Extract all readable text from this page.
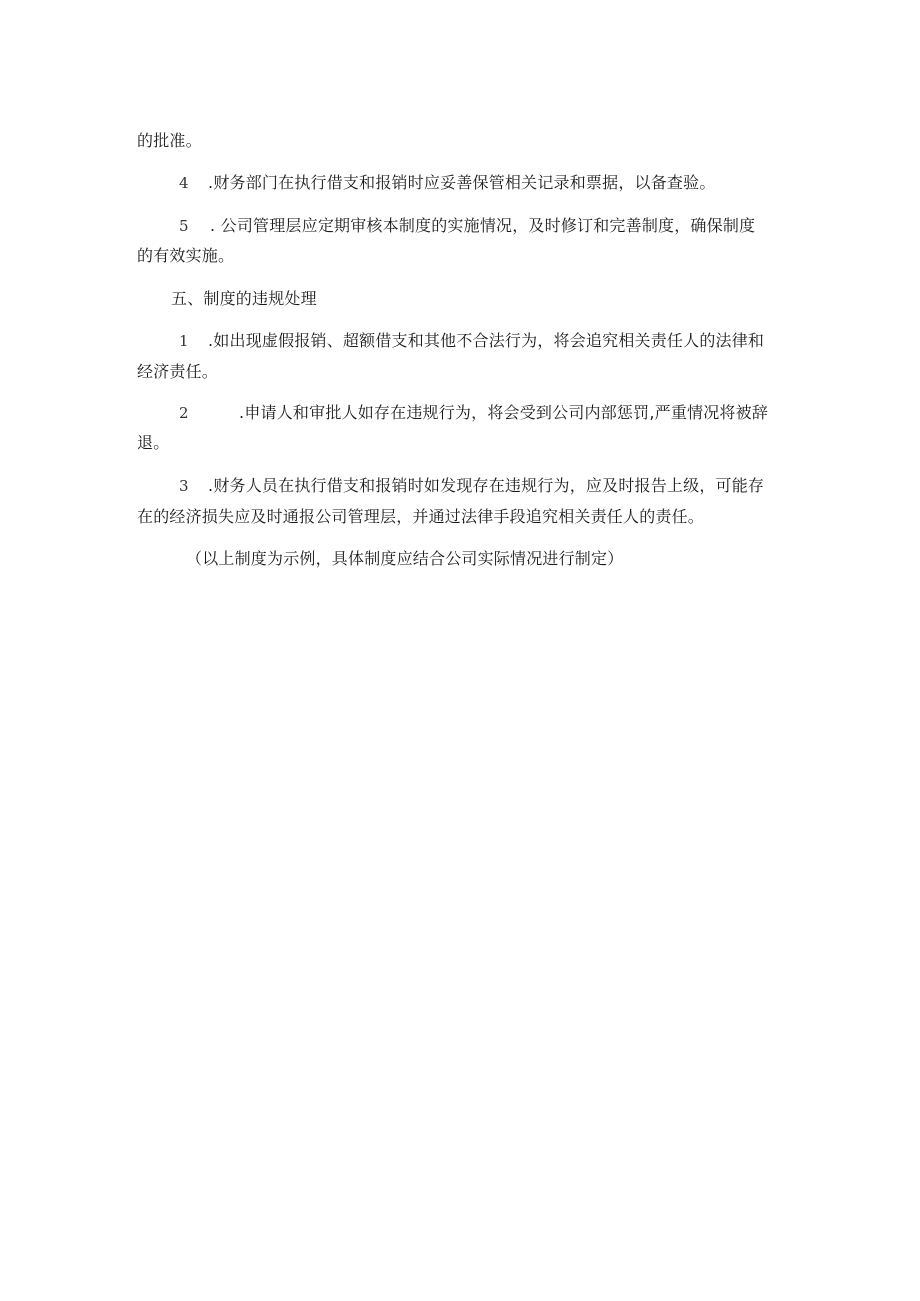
的批准。
4 .财务部门在执行借支和报销时应妥善保管相关记录和票据，以备查验。
5 . 公司管理层应定期审核本制度的实施情况，及时修订和完善制度，确保制度
的有效实施。
五、制度的违规处理
1 .如出现虚假报销、超额借支和其他不合法行为，将会追究相关责任人的法律和
经济责任。
2	.申请人和审批人如存在违规行为，将会受到公司内部惩罚,严重情况将被辞
退。
3 .财务人员在执行借支和报销时如发现存在违规行为，应及时报告上级，可能存
在的经济损失应及时通报公司管理层，并通过法律手段追究相关责任人的责任。
（以上制度为示例，具体制度应结合公司实际情况进行制定）
